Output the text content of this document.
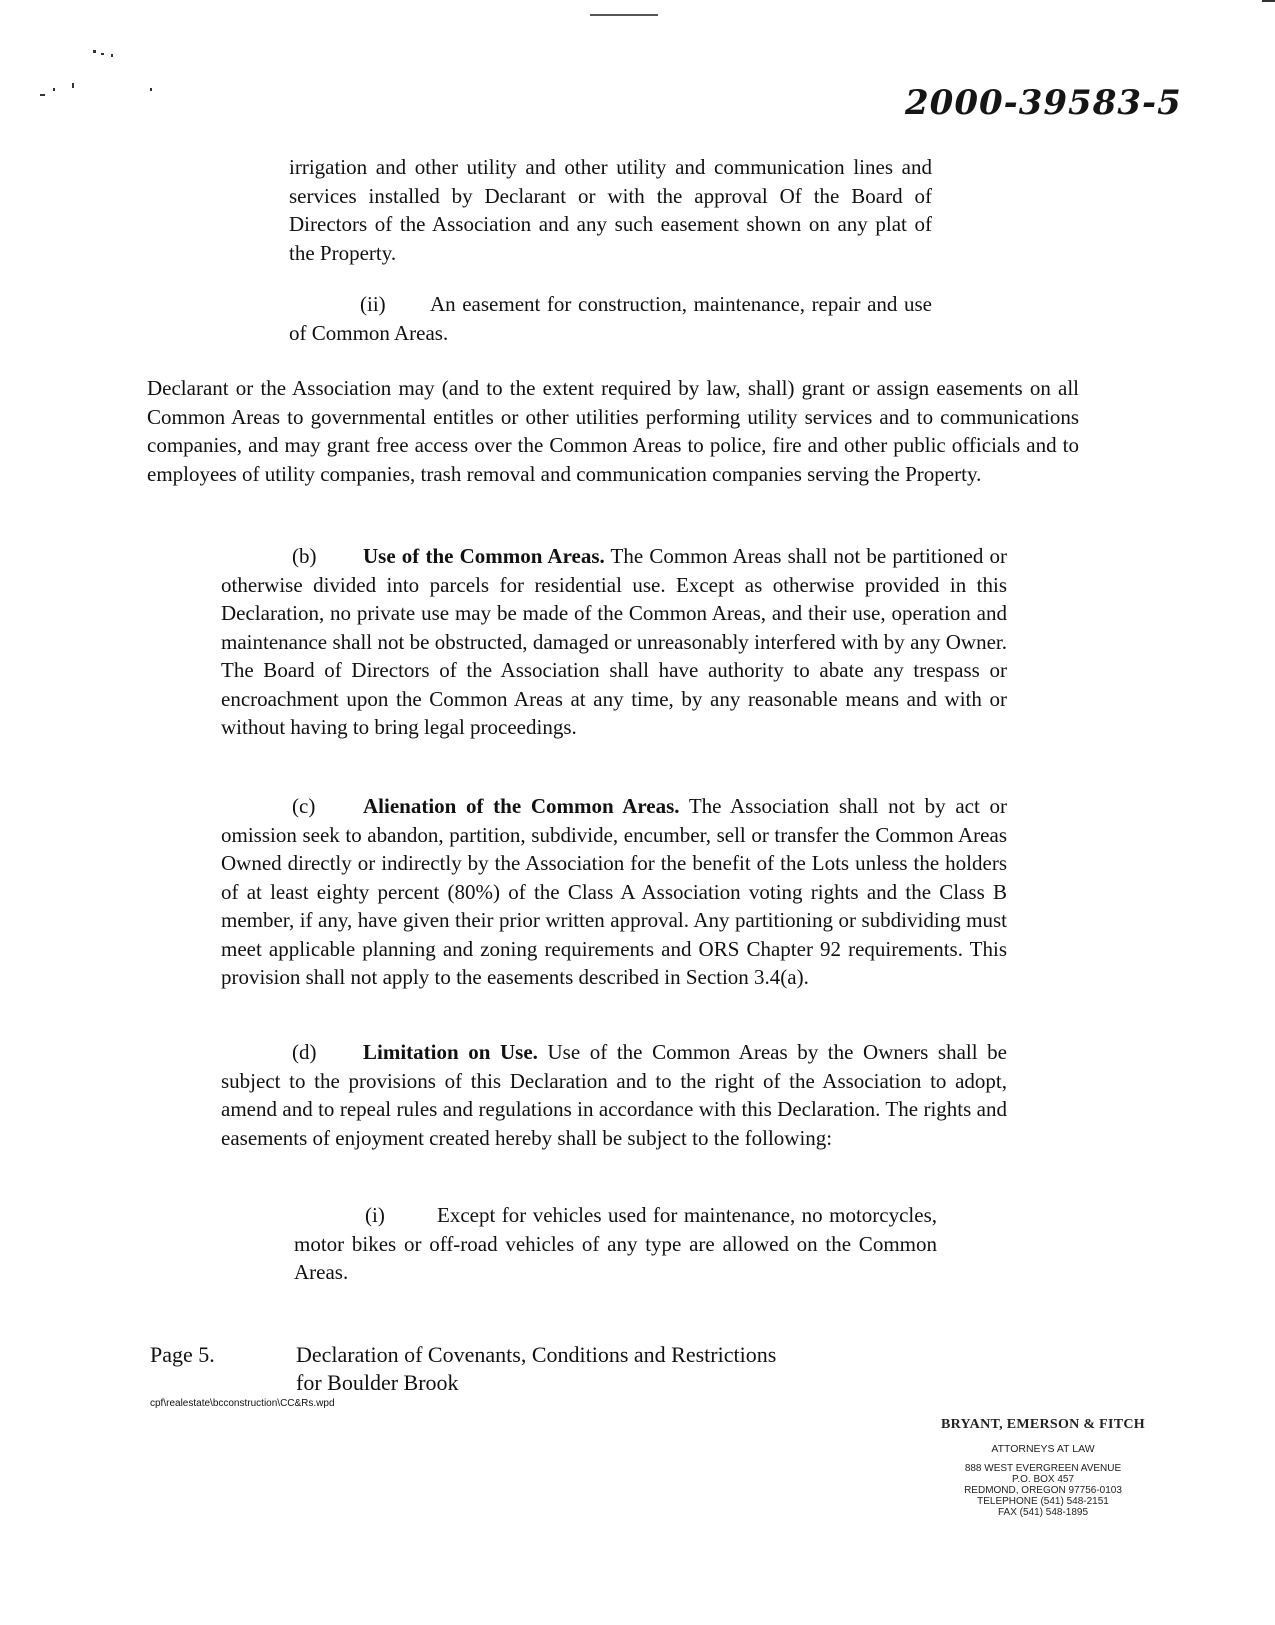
2000-39583-5

irrigation and other utility and other utility and communication lines and services installed by Declarant or with the approval Of the Board of Directors of the Association and any such easement shown on any plat of the Property.

(ii) An easement for construction, maintenance, repair and use of Common Areas.

Declarant or the Association may (and to the extent required by law, shall) grant or assign easements on all Common Areas to governmental entitles or other utilities performing utility services and to communications companies, and may grant free access over the Common Areas to police, fire and other public officials and to employees of utility companies, trash removal and communication companies serving the Property.

(b) Use of the Common Areas. The Common Areas shall not be partitioned or otherwise divided into parcels for residential use. Except as otherwise provided in this Declaration, no private use may be made of the Common Areas, and their use, operation and maintenance shall not be obstructed, damaged or unreasonably interfered with by any Owner. The Board of Directors of the Association shall have authority to abate any trespass or encroachment upon the Common Areas at any time, by any reasonable means and with or without having to bring legal proceedings.

(c) Alienation of the Common Areas. The Association shall not by act or omission seek to abandon, partition, subdivide, encumber, sell or transfer the Common Areas Owned directly or indirectly by the Association for the benefit of the Lots unless the holders of at least eighty percent (80%) of the Class A Association voting rights and the Class B member, if any, have given their prior written approval. Any partitioning or subdividing must meet applicable planning and zoning requirements and ORS Chapter 92 requirements. This provision shall not apply to the easements described in Section 3.4(a).

(d) Limitation on Use. Use of the Common Areas by the Owners shall be subject to the provisions of this Declaration and to the right of the Association to adopt, amend and to repeal rules and regulations in accordance with this Declaration. The rights and easements of enjoyment created hereby shall be subject to the following:

(i) Except for vehicles used for maintenance, no motorcycles, motor bikes or off-road vehicles of any type are allowed on the Common Areas.

Page 5.	Declaration of Covenants, Conditions and Restrictions
for Boulder Brook
cpf\realestate\bcconstruction\CC&Rs.wpd
BRYANT, EMERSON & FITCH
ATTORNEYS AT LAW
888 WEST EVERGREEN AVENUE
P.O. BOX 457
REDMOND, OREGON 97756-0103
TELEPHONE (541) 548-2151
FAX (541) 548-1895
